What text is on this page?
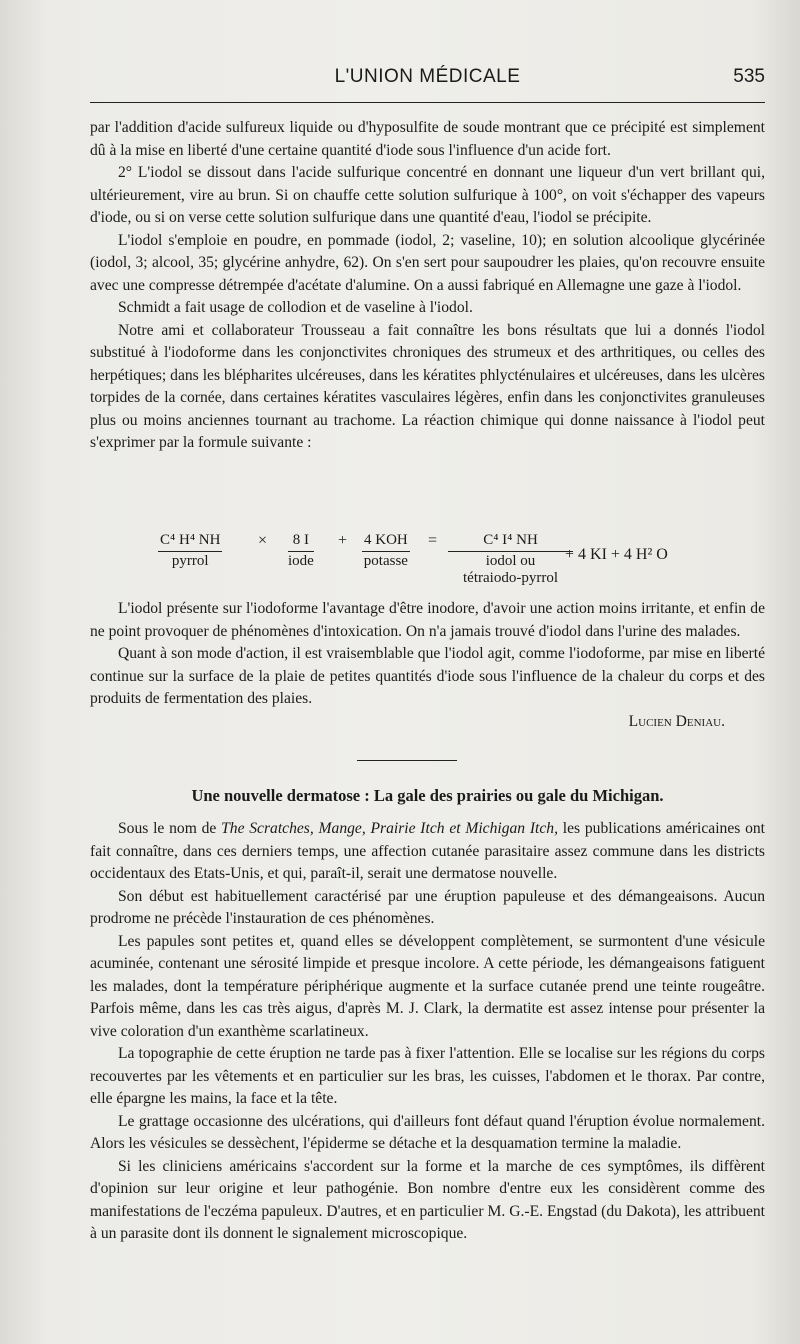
L'UNION MÉDICALE	535

par l'addition d'acide sulfureux liquide ou d'hyposulfite de soude montrant que ce précipité est simplement dû à la mise en liberté d'une certaine quantité d'iode sous l'influence d'un acide fort.

2° L'iodol se dissout dans l'acide sulfurique concentré en donnant une liqueur d'un vert brillant qui, ultérieurement, vire au brun. Si on chauffe cette solution sulfurique à 100°, on voit s'échapper des vapeurs d'iode, ou si on verse cette solution sulfurique dans une quantité d'eau, l'iodol se précipite.

L'iodol s'emploie en poudre, en pommade (iodol, 2; vaseline, 10); en solution alcoolique glycérinée (iodol, 3; alcool, 35; glycérine anhydre, 62). On s'en sert pour saupoudrer les plaies, qu'on recouvre ensuite avec une compresse détrempée d'acétate d'alumine. On a aussi fabriqué en Allemagne une gaze à l'iodol.

Schmidt a fait usage de collodion et de vaseline à l'iodol.

Notre ami et collaborateur Trousseau a fait connaître les bons résultats que lui a donnés l'iodol substitué à l'iodoforme dans les conjonctivites chroniques des strumeux et des arthritiques, ou celles des herpétiques; dans les blépharites ulcéreuses, dans les kératites phlycténulaires et ulcéreuses, dans les ulcères torpides de la cornée, dans certaines kératites vasculaires légères, enfin dans les conjonctivites granuleuses plus ou moins anciennes tournant au trachome. La réaction chimique qui donne naissance à l'iodol peut s'exprimer par la formule suivante :

C⁴ H⁴ NH
pyrrol
×	8 I
iode
+ 4 KOH
potasse
=	C⁴ I⁴ NH
iodol ou
tétraiodo-pyrrol
+ 4 KI + 4 H² O

L'iodol présente sur l'iodoforme l'avantage d'être inodore, d'avoir une action moins irritante, et enfin de ne point provoquer de phénomènes d'intoxication. On n'a jamais trouvé d'iodol dans l'urine des malades.

Quant à son mode d'action, il est vraisemblable que l'iodol agit, comme l'iodoforme, par mise en liberté continue sur la surface de la plaie de petites quantités d'iode sous l'influence de la chaleur du corps et des produits de fermentation des plaies.

Lucien Deniau.

Une nouvelle dermatose : La gale des prairies ou gale du Michigan.

Sous le nom de The Scratches, Mange, Prairie Itch et Michigan Itch, les publications américaines ont fait connaître, dans ces derniers temps, une affection cutanée parasitaire assez commune dans les districts occidentaux des Etats-Unis, et qui, paraît-il, serait une dermatose nouvelle.

Son début est habituellement caractérisé par une éruption papuleuse et des démangeaisons. Aucun prodrome ne précède l'instauration de ces phénomènes.

Les papules sont petites et, quand elles se développent complètement, se surmontent d'une vésicule acuminée, contenant une sérosité limpide et presque incolore. A cette période, les démangeaisons fatiguent les malades, dont la température périphérique augmente et la surface cutanée prend une teinte rougeâtre. Parfois même, dans les cas très aigus, d'après M. J. Clark, la dermatite est assez intense pour présenter la vive coloration d'un exanthème scarlatineux.

La topographie de cette éruption ne tarde pas à fixer l'attention. Elle se localise sur les régions du corps recouvertes par les vêtements et en particulier sur les bras, les cuisses, l'abdomen et le thorax. Par contre, elle épargne les mains, la face et la tête.

Le grattage occasionne des ulcérations, qui d'ailleurs font défaut quand l'éruption évolue normalement. Alors les vésicules se dessèchent, l'épiderme se détache et la desquamation termine la maladie.

Si les cliniciens américains s'accordent sur la forme et la marche de ces symptômes, ils diffèrent d'opinion sur leur origine et leur pathogénie. Bon nombre d'entre eux les considèrent comme des manifestations de l'eczéma papuleux. D'autres, et en particulier M. G.-E. Engstad (du Dakota), les attribuent à un parasite dont ils donnent le signalement microscopique.
